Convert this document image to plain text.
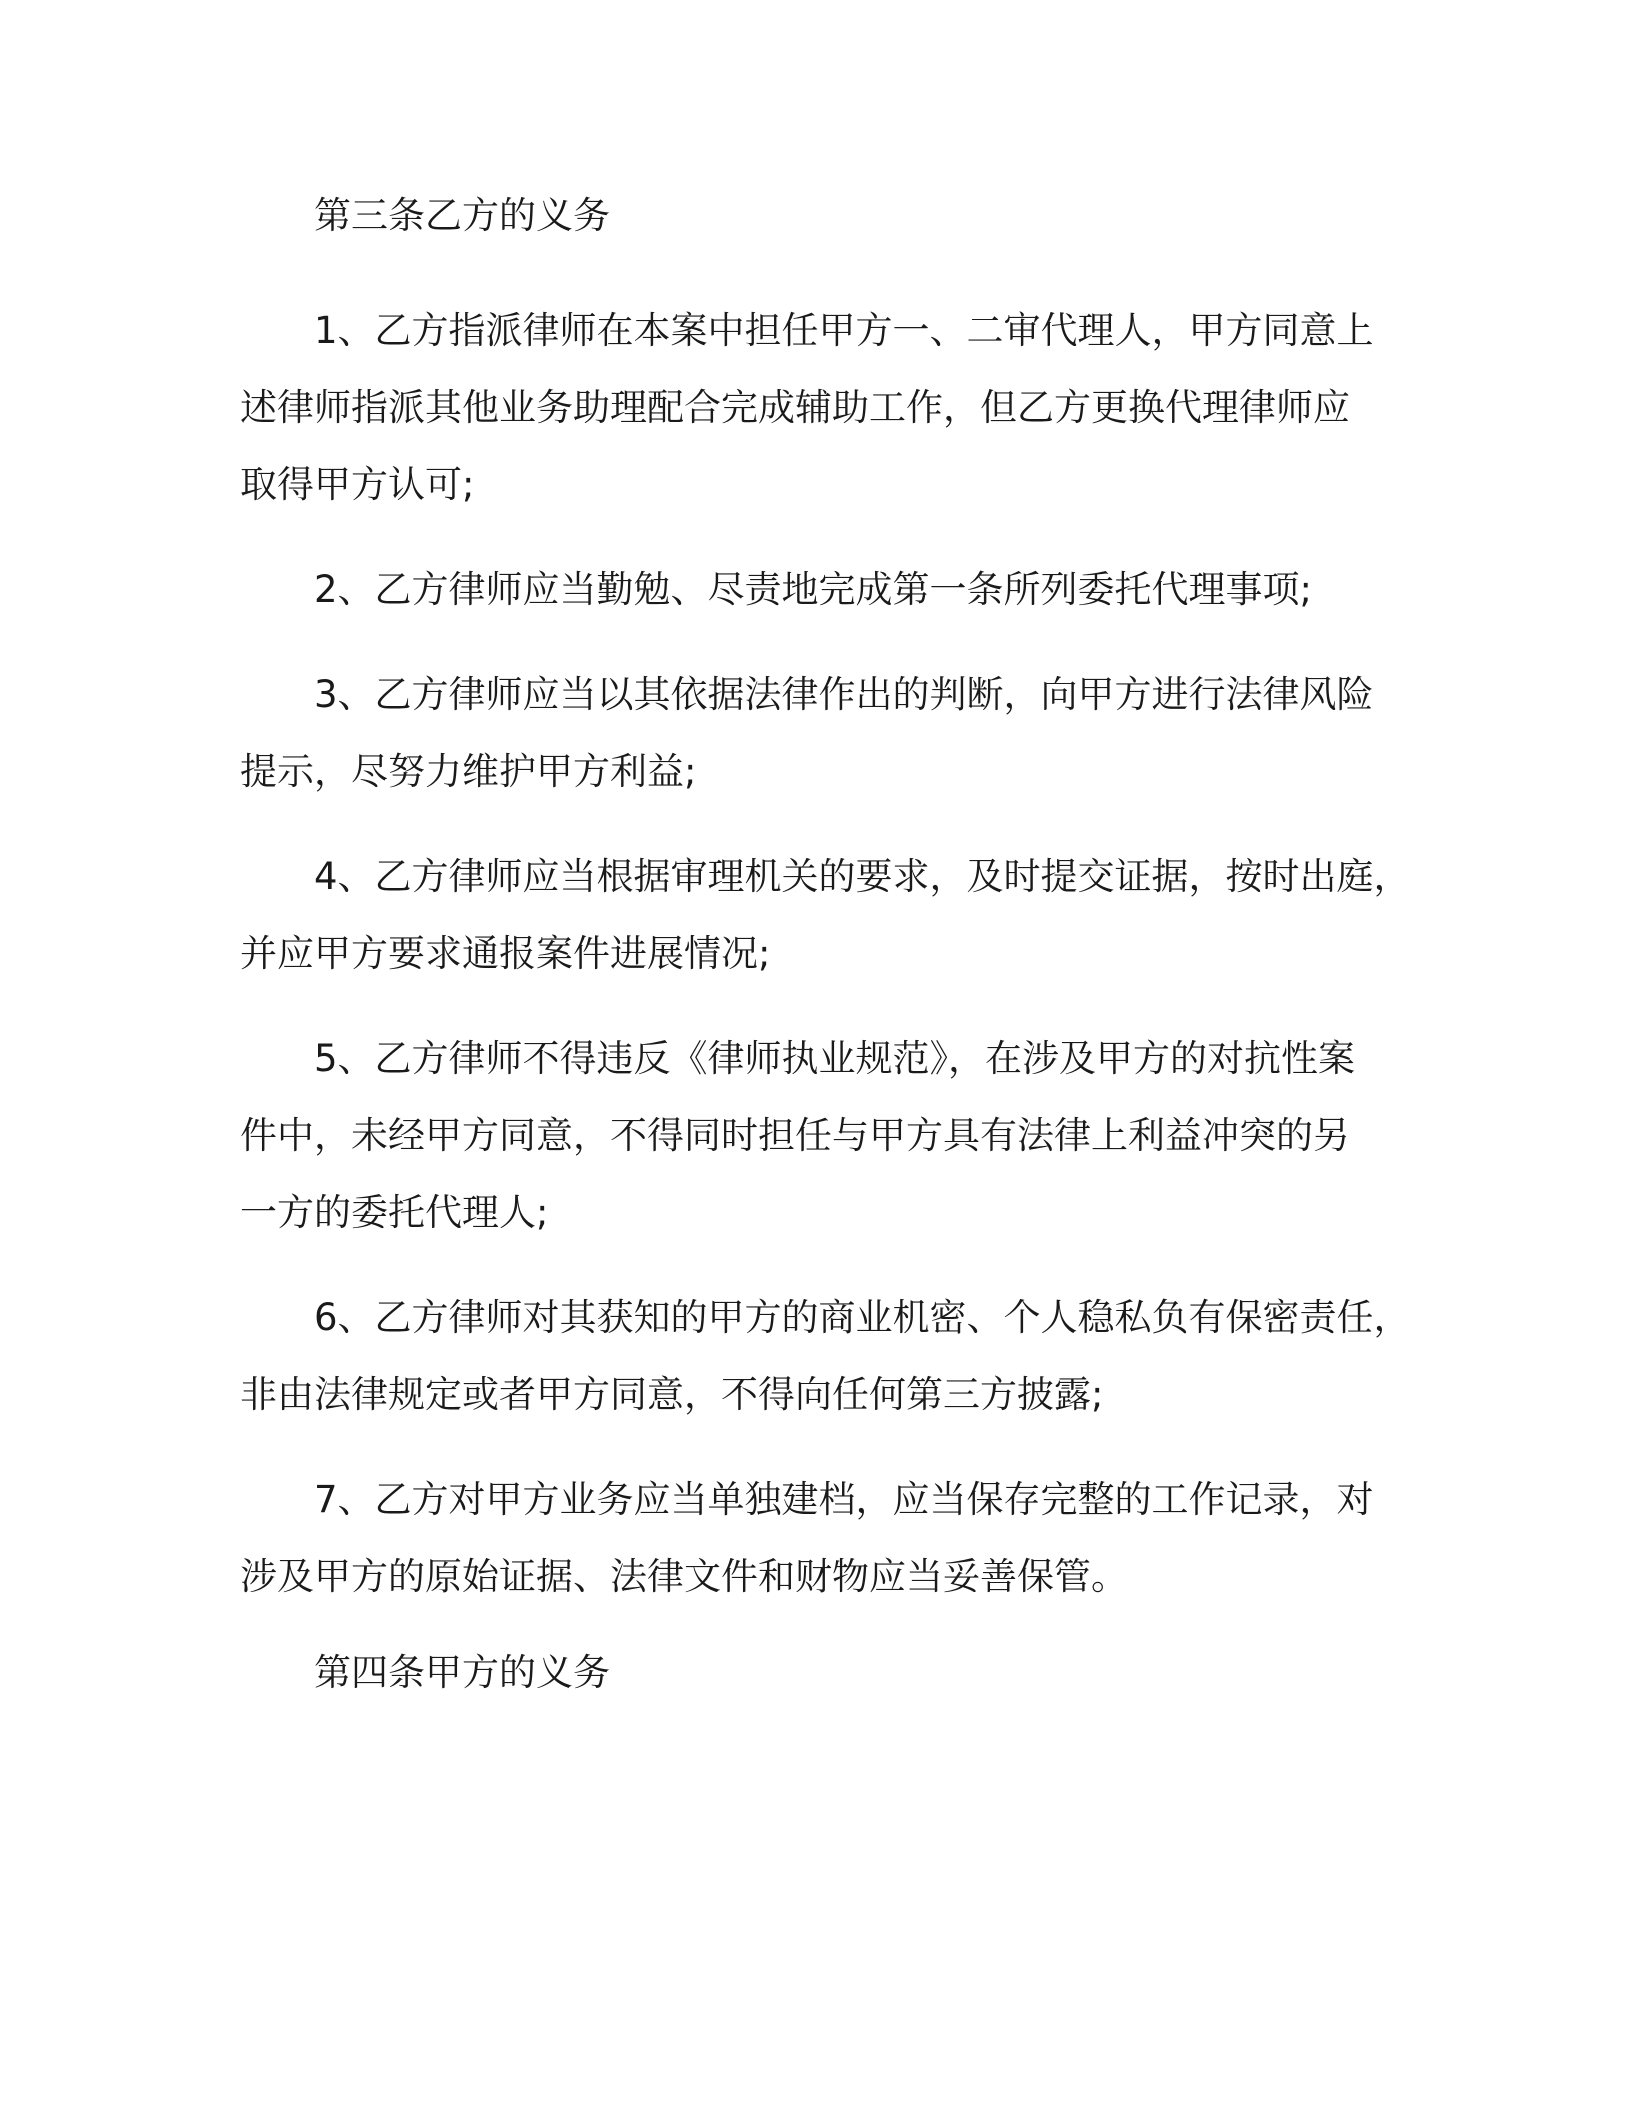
第三条乙方的义务
1、乙方指派律师在本案中担任甲方一、二审代理人，甲方同意上
述律师指派其他业务助理配合完成辅助工作，但乙方更换代理律师应
取得甲方认可;
2、乙方律师应当勤勉、尽责地完成第一条所列委托代理事项;
3、乙方律师应当以其依据法律作出的判断，向甲方进行法律风险
提示，尽努力维护甲方利益;
4、乙方律师应当根据审理机关的要求，及时提交证据，按时出庭，
并应甲方要求通报案件进展情况;
5、乙方律师不得违反《律师执业规范》，在涉及甲方的对抗性案
件中，未经甲方同意，不得同时担任与甲方具有法律上利益冲突的另
一方的委托代理人;
6、乙方律师对其获知的甲方的商业机密、个人稳私负有保密责任，
非由法律规定或者甲方同意，不得向任何第三方披露;
7、乙方对甲方业务应当单独建档，应当保存完整的工作记录，对
涉及甲方的原始证据、法律文件和财物应当妥善保管。
第四条甲方的义务
